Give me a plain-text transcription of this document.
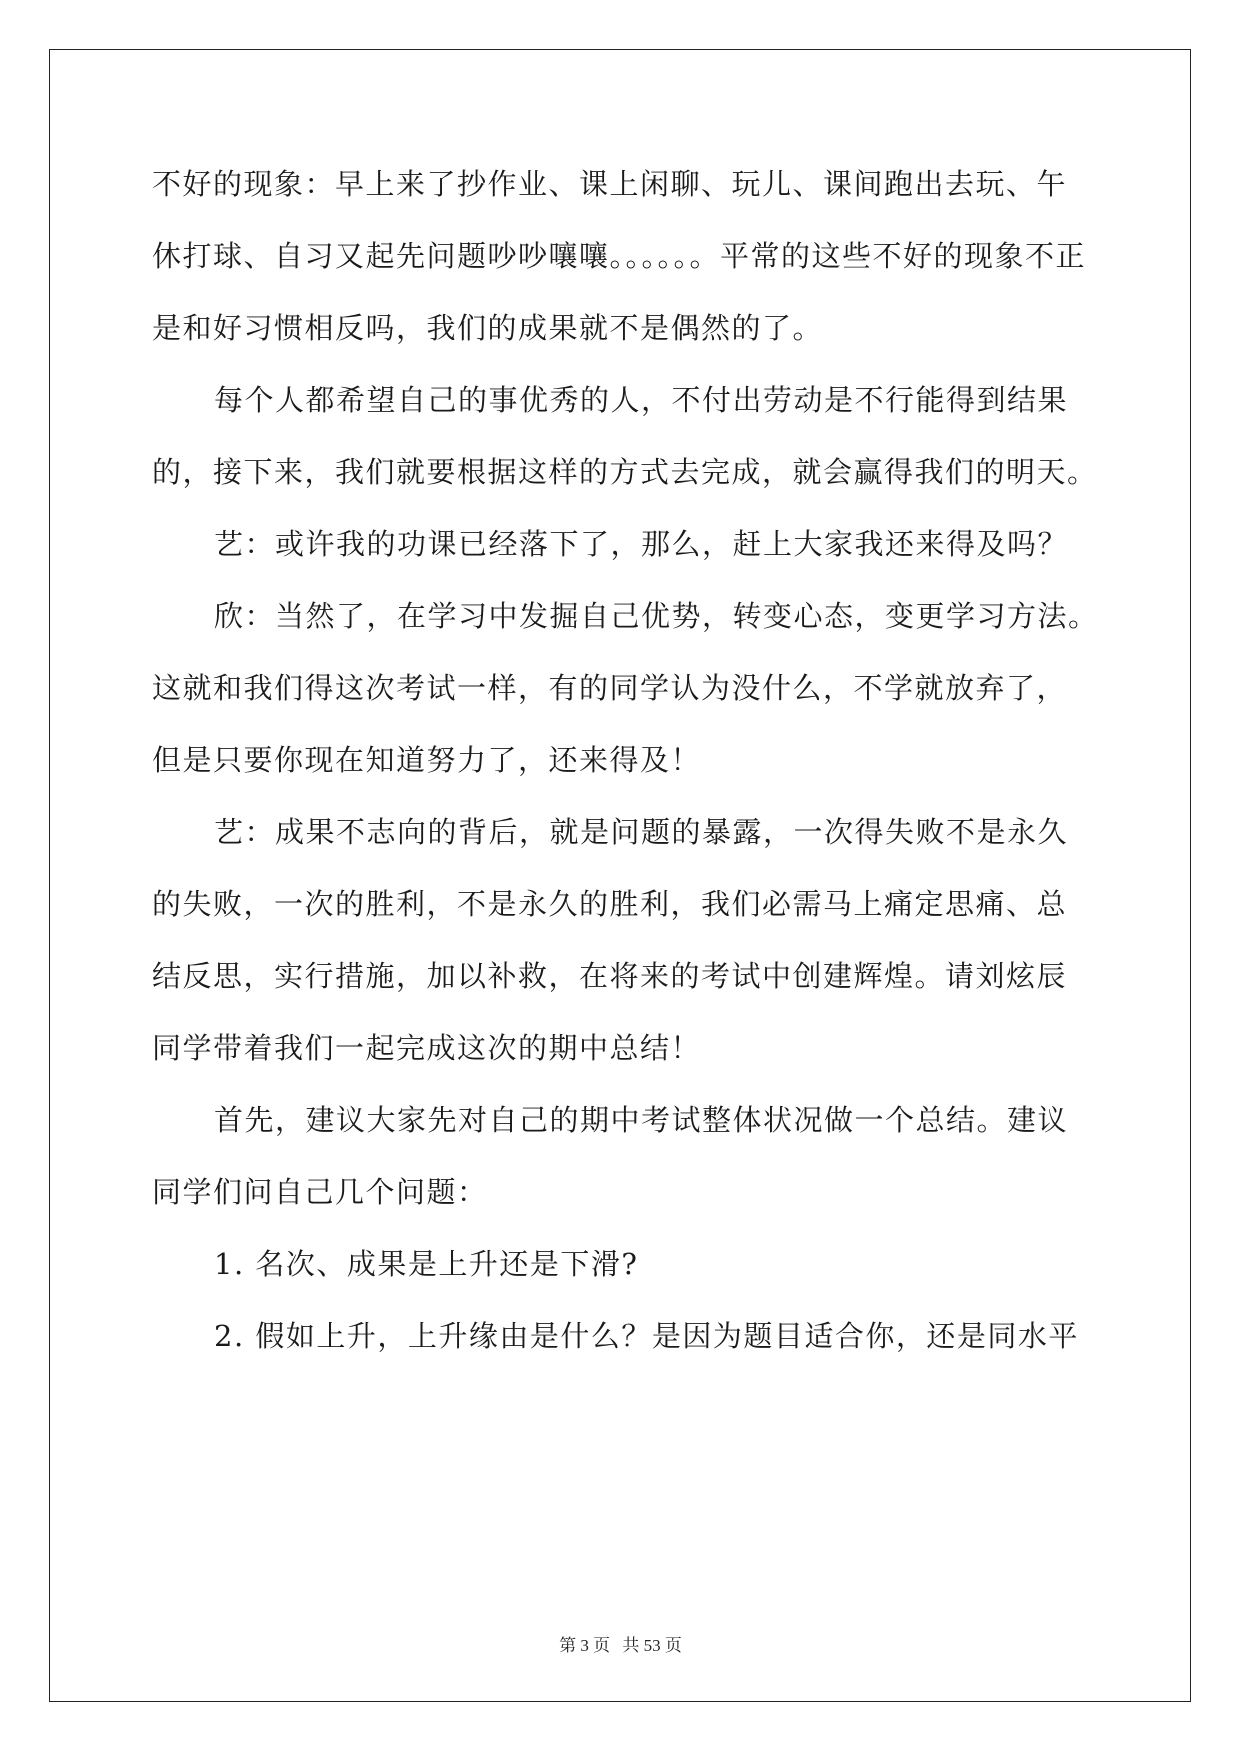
不好的现象：早上来了抄作业、课上闲聊、玩儿、课间跑出去玩、午
休打球、自习又起先问题吵吵嚷嚷。。。。。。平常的这些不好的现象不正
是和好习惯相反吗，我们的成果就不是偶然的了。
每个人都希望自己的事优秀的人，不付出劳动是不行能得到结果
的，接下来，我们就要根据这样的方式去完成，就会赢得我们的明天。
艺：或许我的功课已经落下了，那么，赶上大家我还来得及吗？
欣：当然了，在学习中发掘自己优势，转变心态，变更学习方法。
这就和我们得这次考试一样，有的同学认为没什么，不学就放弃了，
但是只要你现在知道努力了，还来得及！
艺：成果不志向的背后，就是问题的暴露，一次得失败不是永久
的失败，一次的胜利，不是永久的胜利，我们必需马上痛定思痛、总
结反思，实行措施，加以补救，在将来的考试中创建辉煌。请刘炫辰
同学带着我们一起完成这次的期中总结！
首先，建议大家先对自己的期中考试整体状况做一个总结。建议
同学们问自己几个问题：
1. 名次、成果是上升还是下滑?
2. 假如上升，上升缘由是什么？是因为题目适合你，还是同水平
第 3 页 共 53 页
